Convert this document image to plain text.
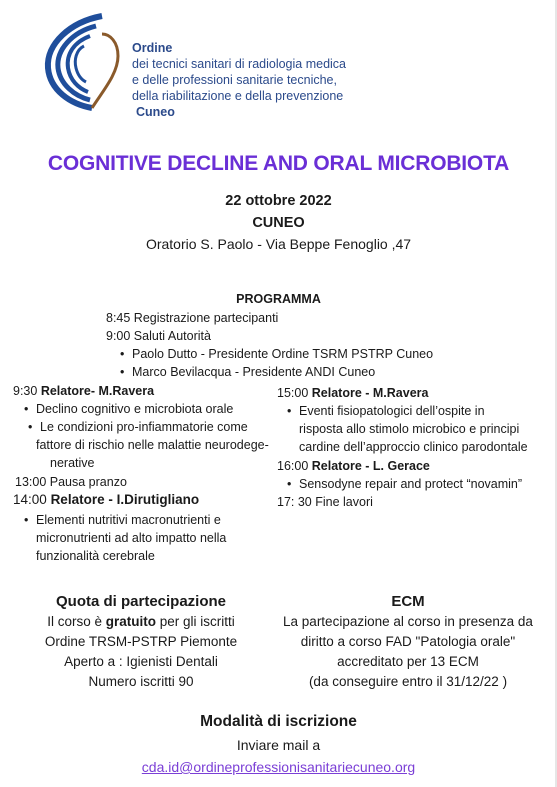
Ordine
dei tecnici sanitari di radiologia medica
e delle professioni sanitarie tecniche,
della riabilitazione e della prevenzione
Cuneo
COGNITIVE DECLINE AND ORAL MICROBIOTA
22 ottobre 2022
CUNEO
Oratorio S. Paolo - Via Beppe Fenoglio ,47
PROGRAMMA
8:45 Registrazione partecipanti
9:00 Saluti Autorità
• Paolo Dutto - Presidente Ordine TSRM PSTRP Cuneo
• Marco Bevilacqua - Presidente ANDI Cuneo
9:30 Relatore- M.Ravera
• Declino cognitivo e microbiota orale
• Le condizioni pro-infiammatorie come
fattore di rischio nelle malattie neurodege-
nerative
13:00 Pausa pranzo
14:00 Relatore - I.Dirutigliano
• Elementi nutritivi macronutrienti e
micronutrienti ad alto impatto nella
funzionalità cerebrale
15:00 Relatore - M.Ravera
• Eventi fisiopatologici dell’ospite in
risposta allo stimolo microbico e principi
cardine dell’approccio clinico parodontale
16:00 Relatore - L. Gerace
• Sensodyne repair and protect “novamin”
17: 30 Fine lavori
Quota di partecipazione
Il corso è gratuito per gli iscritti
Ordine TRSM-PSTRP Piemonte
Aperto a : Igienisti Dentali
Numero iscritti 90
ECM
La partecipazione al corso in presenza da
diritto a corso FAD "Patologia orale"
accreditato per 13 ECM
(da conseguire entro il 31/12/22 )
Modalità di iscrizione
Inviare mail a
cda.id@ordineprofessionisanitariecuneo.org
